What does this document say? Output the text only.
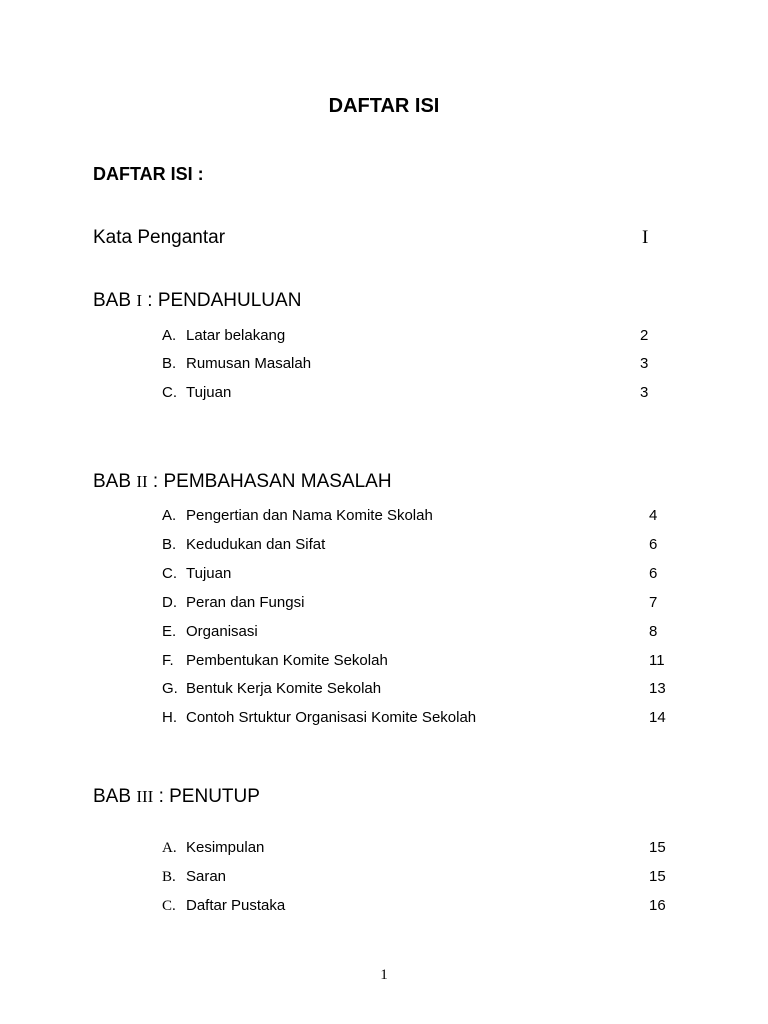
DAFTAR ISI
DAFTAR ISI :
Kata Pengantar	I
BAB I : PENDAHULUAN
A. Latar belakang	2
B. Rumusan Masalah	3
C. Tujuan	3
BAB II : PEMBAHASAN MASALAH
A. Pengertian dan Nama Komite Skolah	4
B. Kedudukan dan Sifat	6
C. Tujuan	6
D. Peran dan Fungsi	7
E. Organisasi	8
F. Pembentukan Komite Sekolah	11
G. Bentuk Kerja Komite Sekolah	13
H. Contoh Srtuktur Organisasi Komite Sekolah	14
BAB III : PENUTUP
A. Kesimpulan	15
B. Saran	15
C. Daftar Pustaka	16
1
